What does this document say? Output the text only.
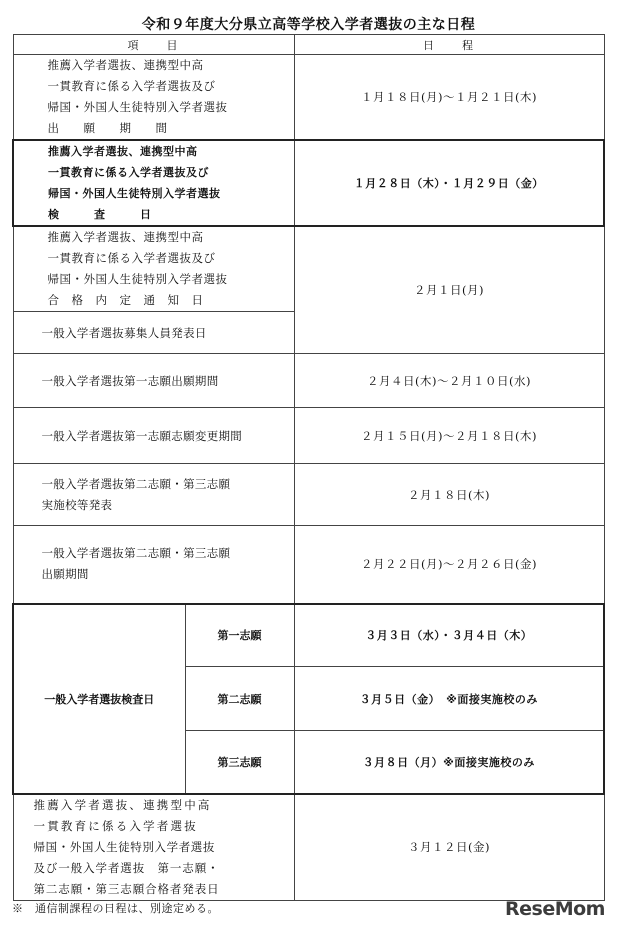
令和９年度大分県立高等学校入学者選抜の主な日程
項　　目		日　　程

推薦入学者選抜、連携型中高
一貫教育に係る入学者選抜及び
帰国・外国人生徒特別入学者選抜
出　　願　　期　　間		１月１８日(月)～１月２１日(木)

推薦入学者選抜、連携型中高
一貫教育に係る入学者選抜及び
帰国・外国人生徒特別入学者選抜
検　　　査　　　日		１月２８日（木）・１月２９日（金）

推薦入学者選抜、連携型中高
一貫教育に係る入学者選抜及び
帰国・外国人生徒特別入学者選抜
合　格　内　定　通　知　日		２月１日(月)
一般入学者選抜募集人員発表日		
一般入学者選抜第一志願出願期間		２月４日(木)～２月１０日(水)
一般入学者選抜第一志願志願変更期間		２月１５日(月)～２月１８日(木)

一般入学者選抜第二志願・第三志願
実施校等発表		２月１８日(木)

一般入学者選抜第二志願・第三志願
出願期間		２月２２日(月)～２月２６日(金)
一般入学者選抜検査日	第一志願	３月３日（水）・３月４日（木）
	第二志願	３月５日（金）　※面接実施校のみ
	第三志願	３月８日（月）※面接実施校のみ

推薦入学者選抜、連携型中高
一貫教育に係る入学者選抜
帰国・外国人生徒特別入学者選抜
及び一般入学者選抜　第一志願・
第二志願・第三志願合格者発表日		３月１２日(金)
※　通信制課程の日程は、別途定める。	ReseMom
